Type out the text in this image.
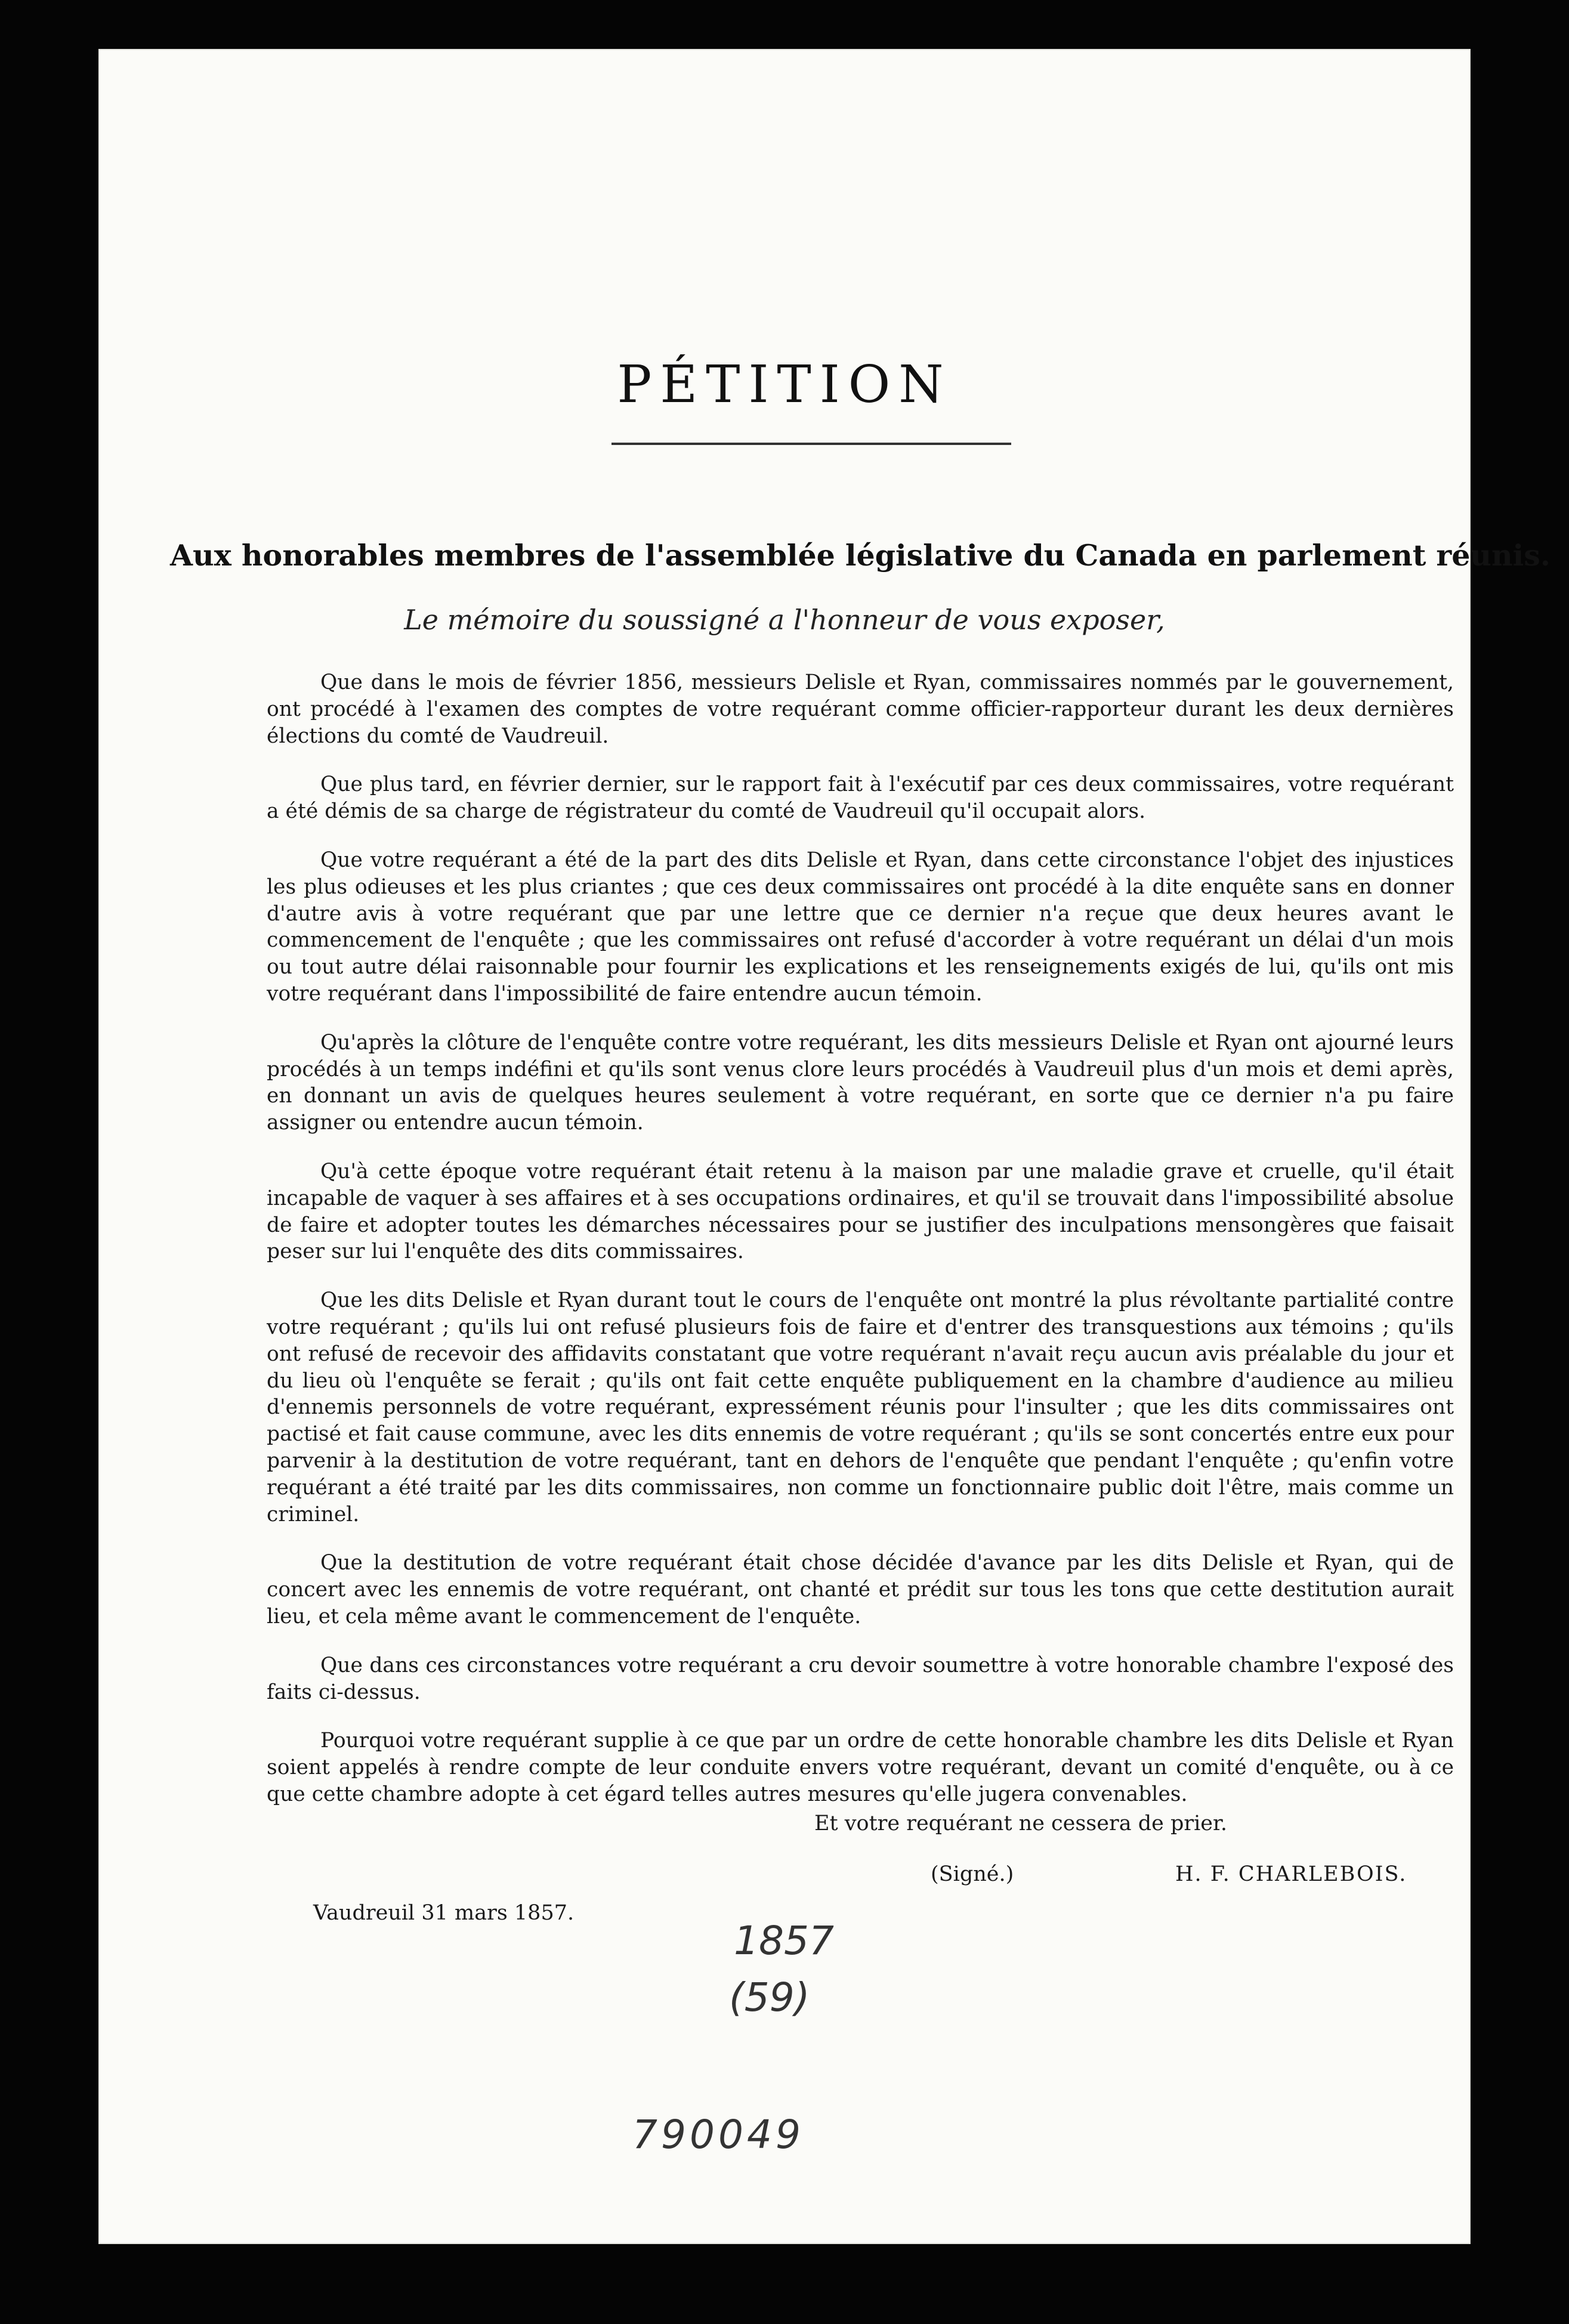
PÉTITION
Aux honorables membres de l'assemblée législative du Canada en parlement réunis.
Le mémoire du soussigné a l'honneur de vous exposer,

Que dans le mois de février 1856, messieurs Delisle et Ryan, commissaires nommés par le gouvernement, ont procédé à l'examen des comptes de votre requérant comme officier-rapporteur durant les deux dernières élections du comté de Vaudreuil.

Que plus tard, en février dernier, sur le rapport fait à l'exécutif par ces deux commissaires, votre requérant a été démis de sa charge de régistrateur du comté de Vaudreuil qu'il occupait alors.

Que votre requérant a été de la part des dits Delisle et Ryan, dans cette circonstance l'objet des injustices les plus odieuses et les plus criantes ; que ces deux commissaires ont procédé à la dite enquête sans en donner d'autre avis à votre requérant que par une lettre que ce dernier n'a reçue que deux heures avant le commencement de l'enquête ; que les commissaires ont refusé d'accorder à votre requérant un délai d'un mois ou tout autre délai raisonnable pour fournir les explications et les renseignements exigés de lui, qu'ils ont mis votre requérant dans l'impossibilité de faire entendre aucun témoin.

Qu'après la clôture de l'enquête contre votre requérant, les dits messieurs Delisle et Ryan ont ajourné leurs procédés à un temps indéfini et qu'ils sont venus clore leurs procédés à Vaudreuil plus d'un mois et demi après, en donnant un avis de quelques heures seulement à votre requérant, en sorte que ce dernier n'a pu faire assigner ou entendre aucun témoin.

Qu'à cette époque votre requérant était retenu à la maison par une maladie grave et cruelle, qu'il était incapable de vaquer à ses affaires et à ses occupations ordinaires, et qu'il se trouvait dans l'impossibilité absolue de faire et adopter toutes les démarches nécessaires pour se justifier des inculpations mensongères que faisait peser sur lui l'enquête des dits commissaires.

Que les dits Delisle et Ryan durant tout le cours de l'enquête ont montré la plus révoltante partialité contre votre requérant ; qu'ils lui ont refusé plusieurs fois de faire et d'entrer des transquestions aux témoins ; qu'ils ont refusé de recevoir des affidavits constatant que votre requérant n'avait reçu aucun avis préalable du jour et du lieu où l'enquête se ferait ; qu'ils ont fait cette enquête publiquement en la chambre d'audience au milieu d'ennemis personnels de votre requérant, expressément réunis pour l'insulter ; que les dits commissaires ont pactisé et fait cause commune, avec les dits ennemis de votre requérant ; qu'ils se sont concertés entre eux pour parvenir à la destitution de votre requérant, tant en dehors de l'enquête que pendant l'enquête ; qu'enfin votre requérant a été traité par les dits commissaires, non comme un fonctionnaire public doit l'être, mais comme un criminel.

Que la destitution de votre requérant était chose décidée d'avance par les dits Delisle et Ryan, qui de concert avec les ennemis de votre requérant, ont chanté et prédit sur tous les tons que cette destitution aurait lieu, et cela même avant le commencement de l'enquête.

Que dans ces circonstances votre requérant a cru devoir soumettre à votre honorable chambre l'exposé des faits ci-dessus.

Pourquoi votre requérant supplie à ce que par un ordre de cette honorable chambre les dits Delisle et Ryan soient appelés à rendre compte de leur conduite envers votre requérant, devant un comité d'enquête, ou à ce que cette chambre adopte à cet égard telles autres mesures qu'elle jugera convenables.

Et votre requérant ne cessera de prier.
(Signé.)	H. F. CHARLEBOIS.
Vaudreuil 31 mars 1857.
1857
(59)
790049
